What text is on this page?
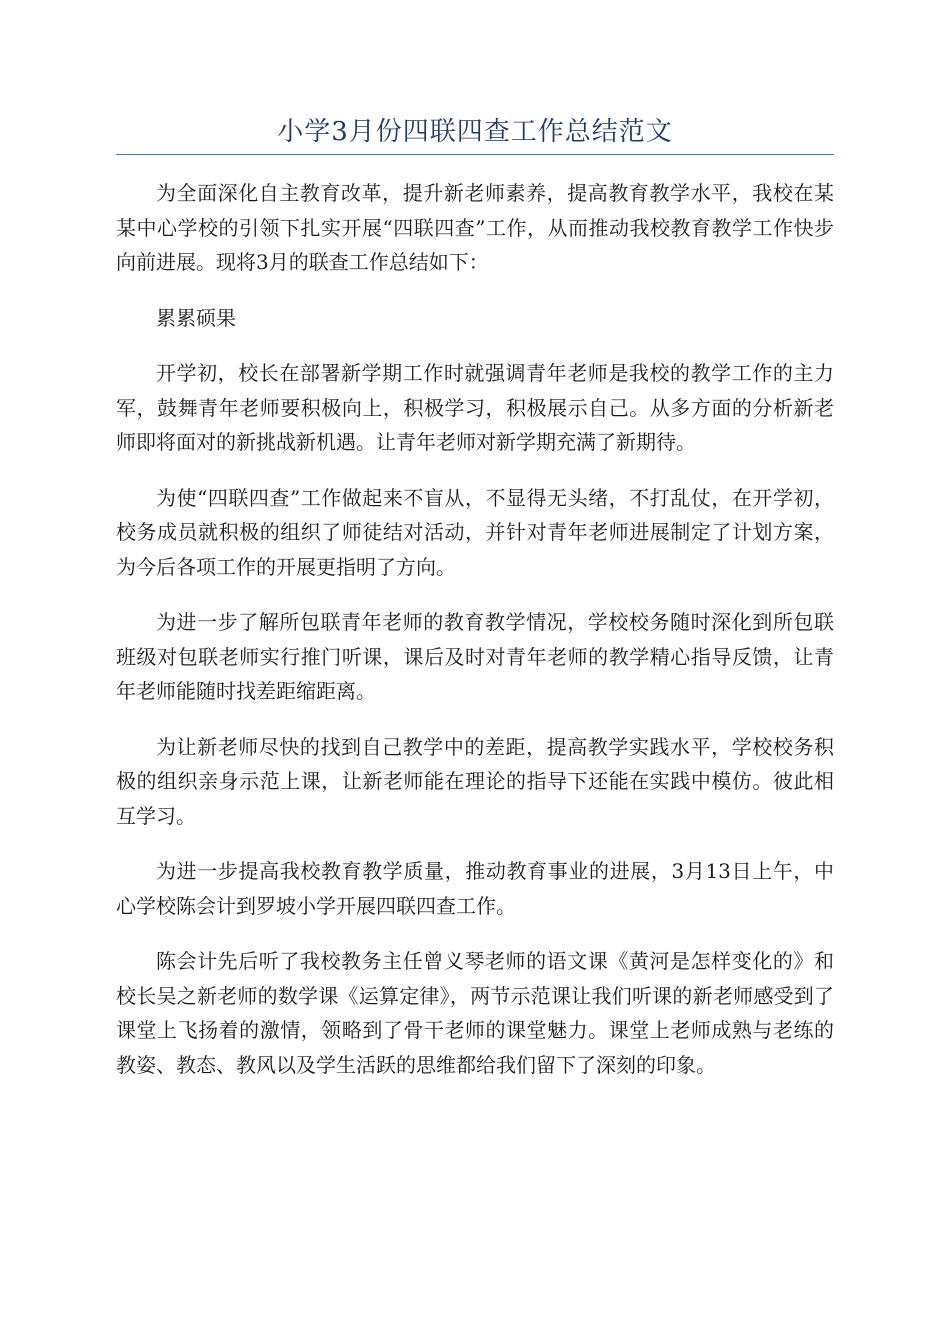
小学3月份四联四查工作总结范文

为全面深化自主教育改革，提升新老师素养，提高教育教学水平，我校在某某中心学校的引领下扎实开展“四联四查”工作，从而推动我校教育教学工作快步向前进展。现将3月的联查工作总结如下：

累累硕果

开学初，校长在部署新学期工作时就强调青年老师是我校的教学工作的主力军，鼓舞青年老师要积极向上，积极学习，积极展示自己。从多方面的分析新老师即将面对的新挑战新机遇。让青年老师对新学期充满了新期待。

为使“四联四查”工作做起来不盲从，不显得无头绪，不打乱仗，在开学初，校务成员就积极的组织了师徒结对活动，并针对青年老师进展制定了计划方案，为今后各项工作的开展更指明了方向。

为进一步了解所包联青年老师的教育教学情况，学校校务随时深化到所包联班级对包联老师实行推门听课，课后及时对青年老师的教学精心指导反馈，让青年老师能随时找差距缩距离。

为让新老师尽快的找到自己教学中的差距，提高教学实践水平，学校校务积极的组织亲身示范上课，让新老师能在理论的指导下还能在实践中模仿。彼此相互学习。

为进一步提高我校教育教学质量，推动教育事业的进展，3月13日上午，中心学校陈会计到罗坡小学开展四联四查工作。

陈会计先后听了我校教务主任曾义琴老师的语文课《黄河是怎样变化的》和校长吴之新老师的数学课《运算定律》，两节示范课让我们听课的新老师感受到了课堂上飞扬着的激情，领略到了骨干老师的课堂魅力。课堂上老师成熟与老练的教姿、教态、教风以及学生活跃的思维都给我们留下了深刻的印象。
